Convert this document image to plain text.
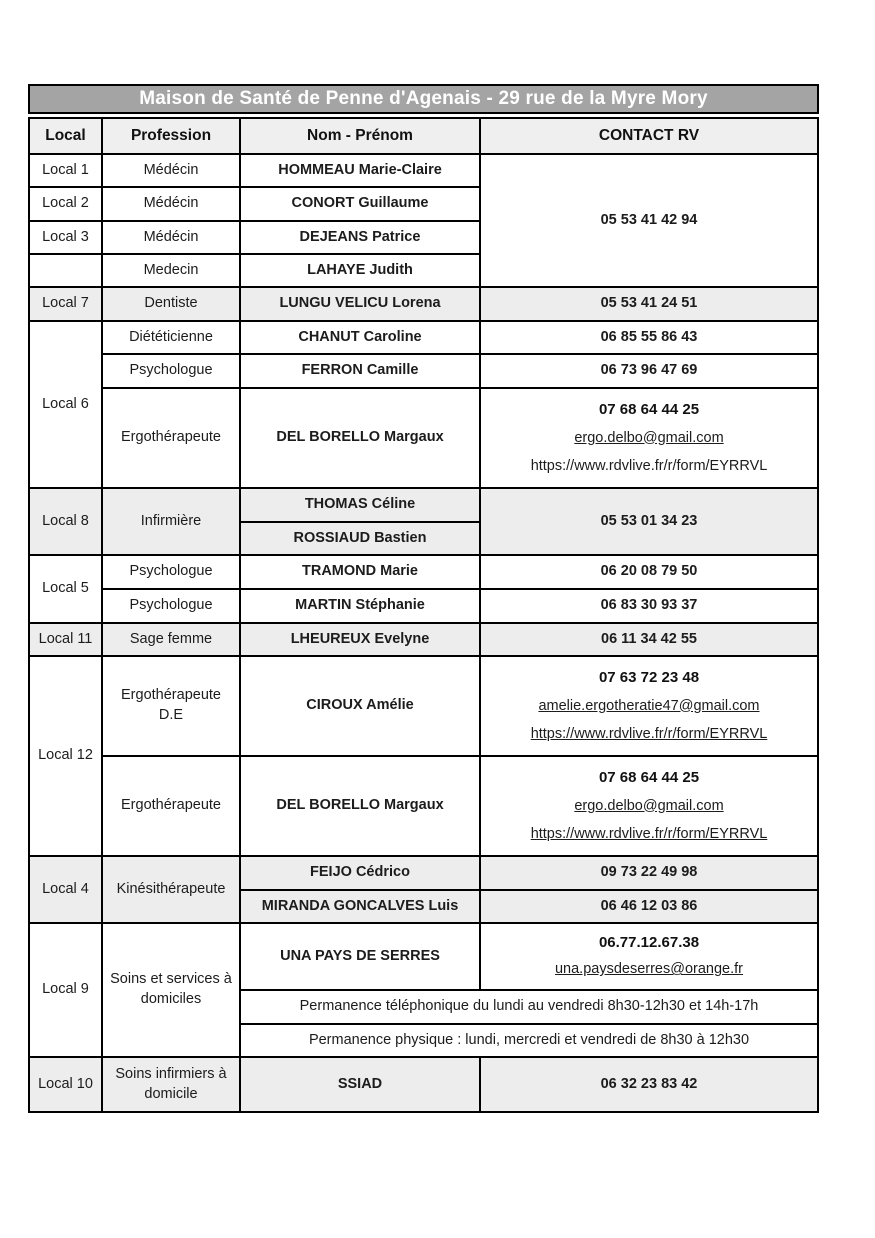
Maison de Santé de Penne d'Agenais - 29 rue de la Myre Mory
Local	Profession	Nom - Prénom	CONTACT RV
Local 1	Médécin	HOMMEAU Marie-Claire	05 53 41 42 94
Local 2	Médécin	CONORT Guillaume	
Local 3	Médécin	DEJEANS Patrice	
	Medecin	LAHAYE Judith	
Local 7	Dentiste	LUNGU VELICU Lorena	05 53 41 24 51
Local 6	Diététicienne	CHANUT Caroline	06 85 55 86 43
	Psychologue	FERRON Camille	06 73 96 47 69
	Ergothérapeute	DEL BORELLO Margaux	07 68 64 44 25
ergo.delbo@gmail.com
https://www.rdvlive.fr/r/form/EYRRVL

Local 8	Infirmière	THOMAS Céline	05 53 01 34 23
		ROSSIAUD Bastien	
Local 5	Psychologue	TRAMOND Marie	06 20 08 79 50
	Psychologue	MARTIN Stéphanie	06 83 30 93 37
Local 11	Sage femme	LHEUREUX Evelyne	06 11 34 42 55
Local 12	Ergothérapeute D.E	CIROUX Amélie	07 63 72 23 48
amelie.ergotheratie47@gmail.com
https://www.rdvlive.fr/r/form/EYRRVL

	Ergothérapeute	DEL BORELLO Margaux	07 68 64 44 25
ergo.delbo@gmail.com
https://www.rdvlive.fr/r/form/EYRRVL

Local 4	Kinésithérapeute	FEIJO Cédrico	09 73 22 49 98
		MIRANDA GONCALVES Luis	06 46 12 03 86
Local 9	Soins et services à domiciles	UNA PAYS DE SERRES	06.77.12.67.38
una.paysdeserres@orange.fr

		Permanence téléphonique du lundi au vendredi 8h30-12h30 et 14h-17h	
		Permanence physique : lundi, mercredi et vendredi de 8h30 à 12h30	
Local 10	Soins infirmiers à domicile	SSIAD	06 32 23 83 42
